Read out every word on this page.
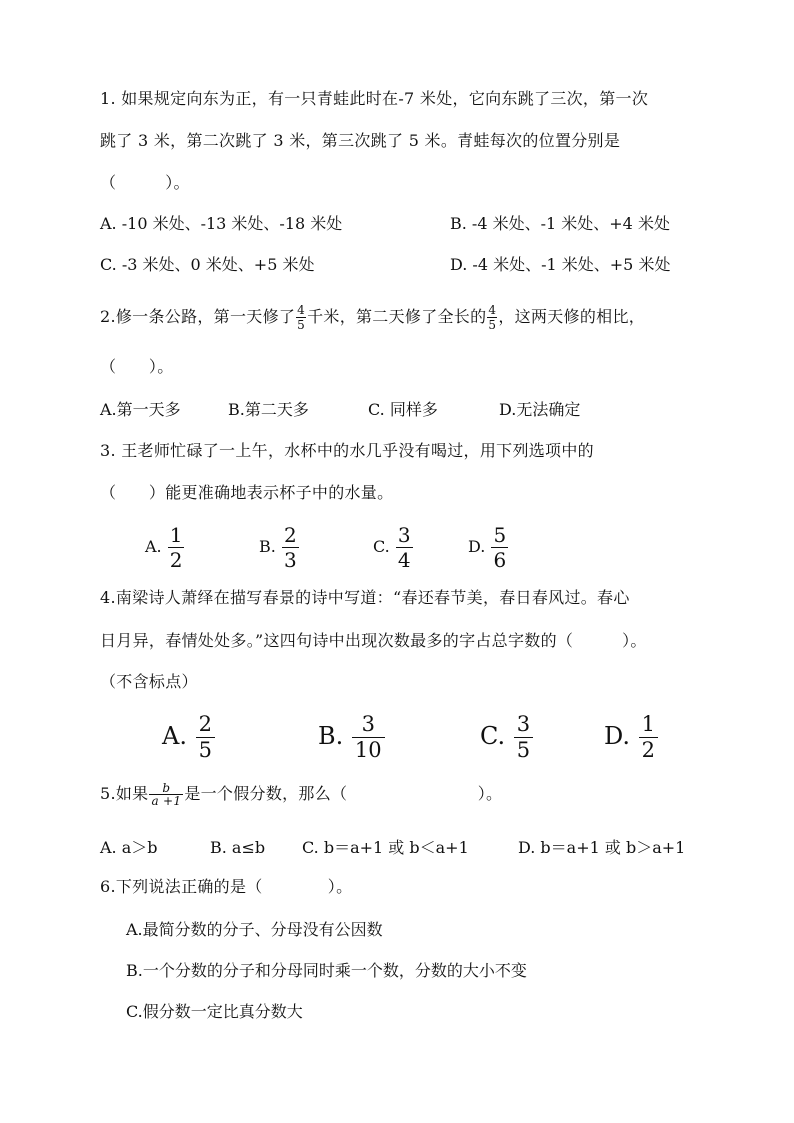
1. 如果规定向东为正，有一只青蛙此时在-7 米处，它向东跳了三次，第一次
跳了 3 米，第二次跳了 3 米，第三次跳了 5 米。青蛙每次的位置分别是
（　　　）。
A. -10 米处、-13 米处、-18 米处	B. -4 米处、-1 米处、+4 米处
C. -3 米处、0 米处、+5 米处	D. -4 米处、-1 米处、+5 米处
2.修一条公路，第一天修了 $\frac{4}{5}$ 千米，第二天修了全长的 $\frac{4}{5}$ ，这两天修的相比，
（　　）。
A.第一天多	B.第二天多	C. 同样多	D.无法确定
3. 王老师忙碌了一上午，水杯中的水几乎没有喝过，用下列选项中的
（　　）能更准确地表示杯子中的水量。
A. $\frac{1}{2}$	B. $\frac{2}{3}$	C. $\frac{3}{4}$	D. $\frac{5}{6}$
4.南梁诗人萧绎在描写春景的诗中写道：“春还春节美，春日春风过。春心
日月异，春情处处多。”这四句诗中出现次数最多的字占总字数的（　　　）。
（不含标点）
A. $\frac{2}{5}$	B. $\frac{3}{10}$	C. $\frac{3}{5}$	D. $\frac{1}{2}$
5.如果 $\frac{b}{a +1}$ 是一个假分数，那么（　　　　　　　　）。
A. a＞b	B. a≤b C. b＝a+1 或 b＜a+1	D. b＝a+1 或 b＞a+1
6.下列说法正确的是（　　　　）。
A.最简分数的分子、分母没有公因数
B.一个分数的分子和分母同时乘一个数，分数的大小不变
C.假分数一定比真分数大
